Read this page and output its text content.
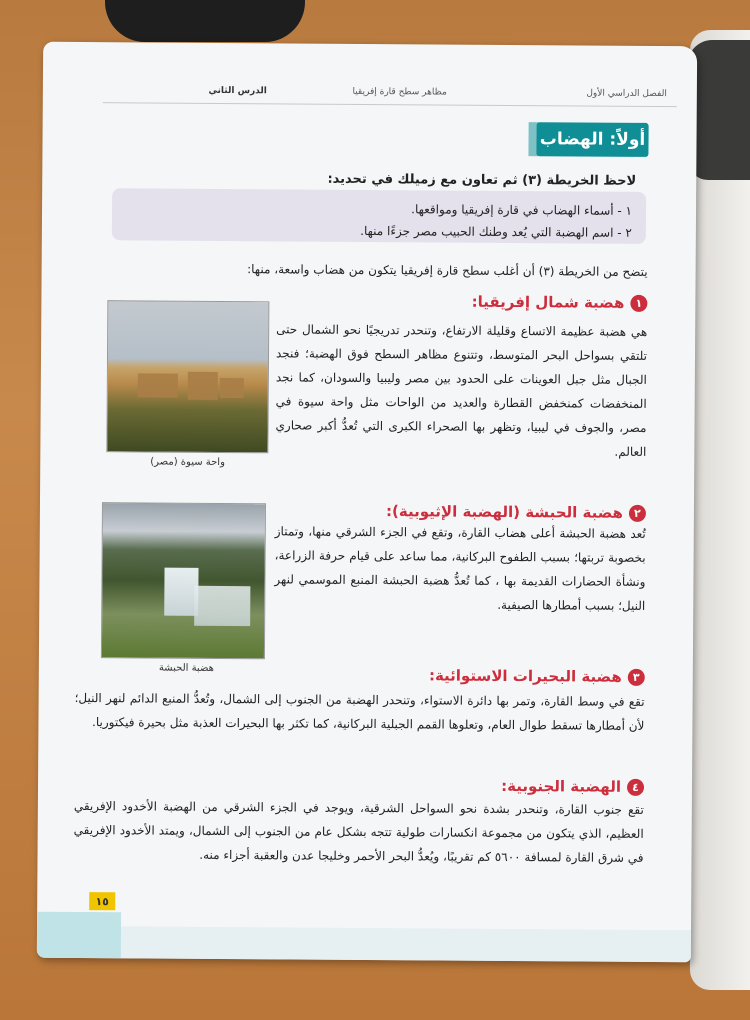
الفصل الدراسي الأول
مظاهر سطح قارة إفريقيا
الدرس الثاني
أولاً: الهضاب
لاحظ الخريطة (٣) ثم تعاون مع زميلك في تحديد:
١ - أسماء الهضاب في قارة إفريقيا ومواقعها.
٢ - اسم الهضبة التي يُعد وطنك الحبيب مصر جزءًا منها.
يتضح من الخريطة (٣) أن أغلب سطح قارة إفريقيا يتكون من هضاب واسعة، منها:
١
هضبة شمال إفريقيا:
هي هضبة عظيمة الاتساع وقليلة الارتفاع، وتنحدر تدريجيًا نحو الشمال حتى تلتقي بسواحل البحر المتوسط، وتتنوع مظاهر السطح فوق الهضبة؛ فنجد الجبال مثل جبل العوينات على الحدود بين مصر وليبيا والسودان، كما نجد المنخفضات كمنخفض القطارة والعديد من الواحات مثل واحة سيوة في مصر، والجوف في ليبيا، وتظهر بها الصحراء الكبرى التي تُعدُّ أكبر صحاري العالم.
واحة سيوة (مصر)
٢
هضبة الحبشة (الهضبة الإثيوبية):
تُعد هضبة الحبشة أعلى هضاب القارة، وتقع في الجزء الشرقي منها، وتمتاز بخصوبة تربتها؛ بسبب الطفوح البركانية، مما ساعد على قيام حرفة الزراعة، ونشأة الحضارات القديمة بها ، كما تُعدُّ هضبة الحبشة المنبع الموسمي لنهر النيل؛ بسبب أمطارها الصيفية.
هضبة الحبشة
٣
هضبة البحيرات الاستوائية:
تقع في وسط القارة، وتمر بها دائرة الاستواء، وتنحدر الهضبة من الجنوب إلى الشمال، وتُعدُّ المنبع الدائم لنهر النيل؛ لأن أمطارها تسقط طوال العام، وتعلوها القمم الجبلية البركانية، كما تكثر بها البحيرات العذبة مثل بحيرة فيكتوريا.
٤
الهضبة الجنوبية:
تقع جنوب القارة، وتنحدر بشدة نحو السواحل الشرقية، ويوجد في الجزء الشرقي من الهضبة الأخدود الإفريقي العظيم، الذي يتكون من مجموعة انكسارات طولية تتجه بشكل عام من الجنوب إلى الشمال، ويمتد الأخدود الإفريقي في شرق القارة لمسافة ٥٦٠٠ كم تقريبًا، ويُعدُّ البحر الأحمر وخليجا عدن والعقبة أجزاء منه.
١٥
